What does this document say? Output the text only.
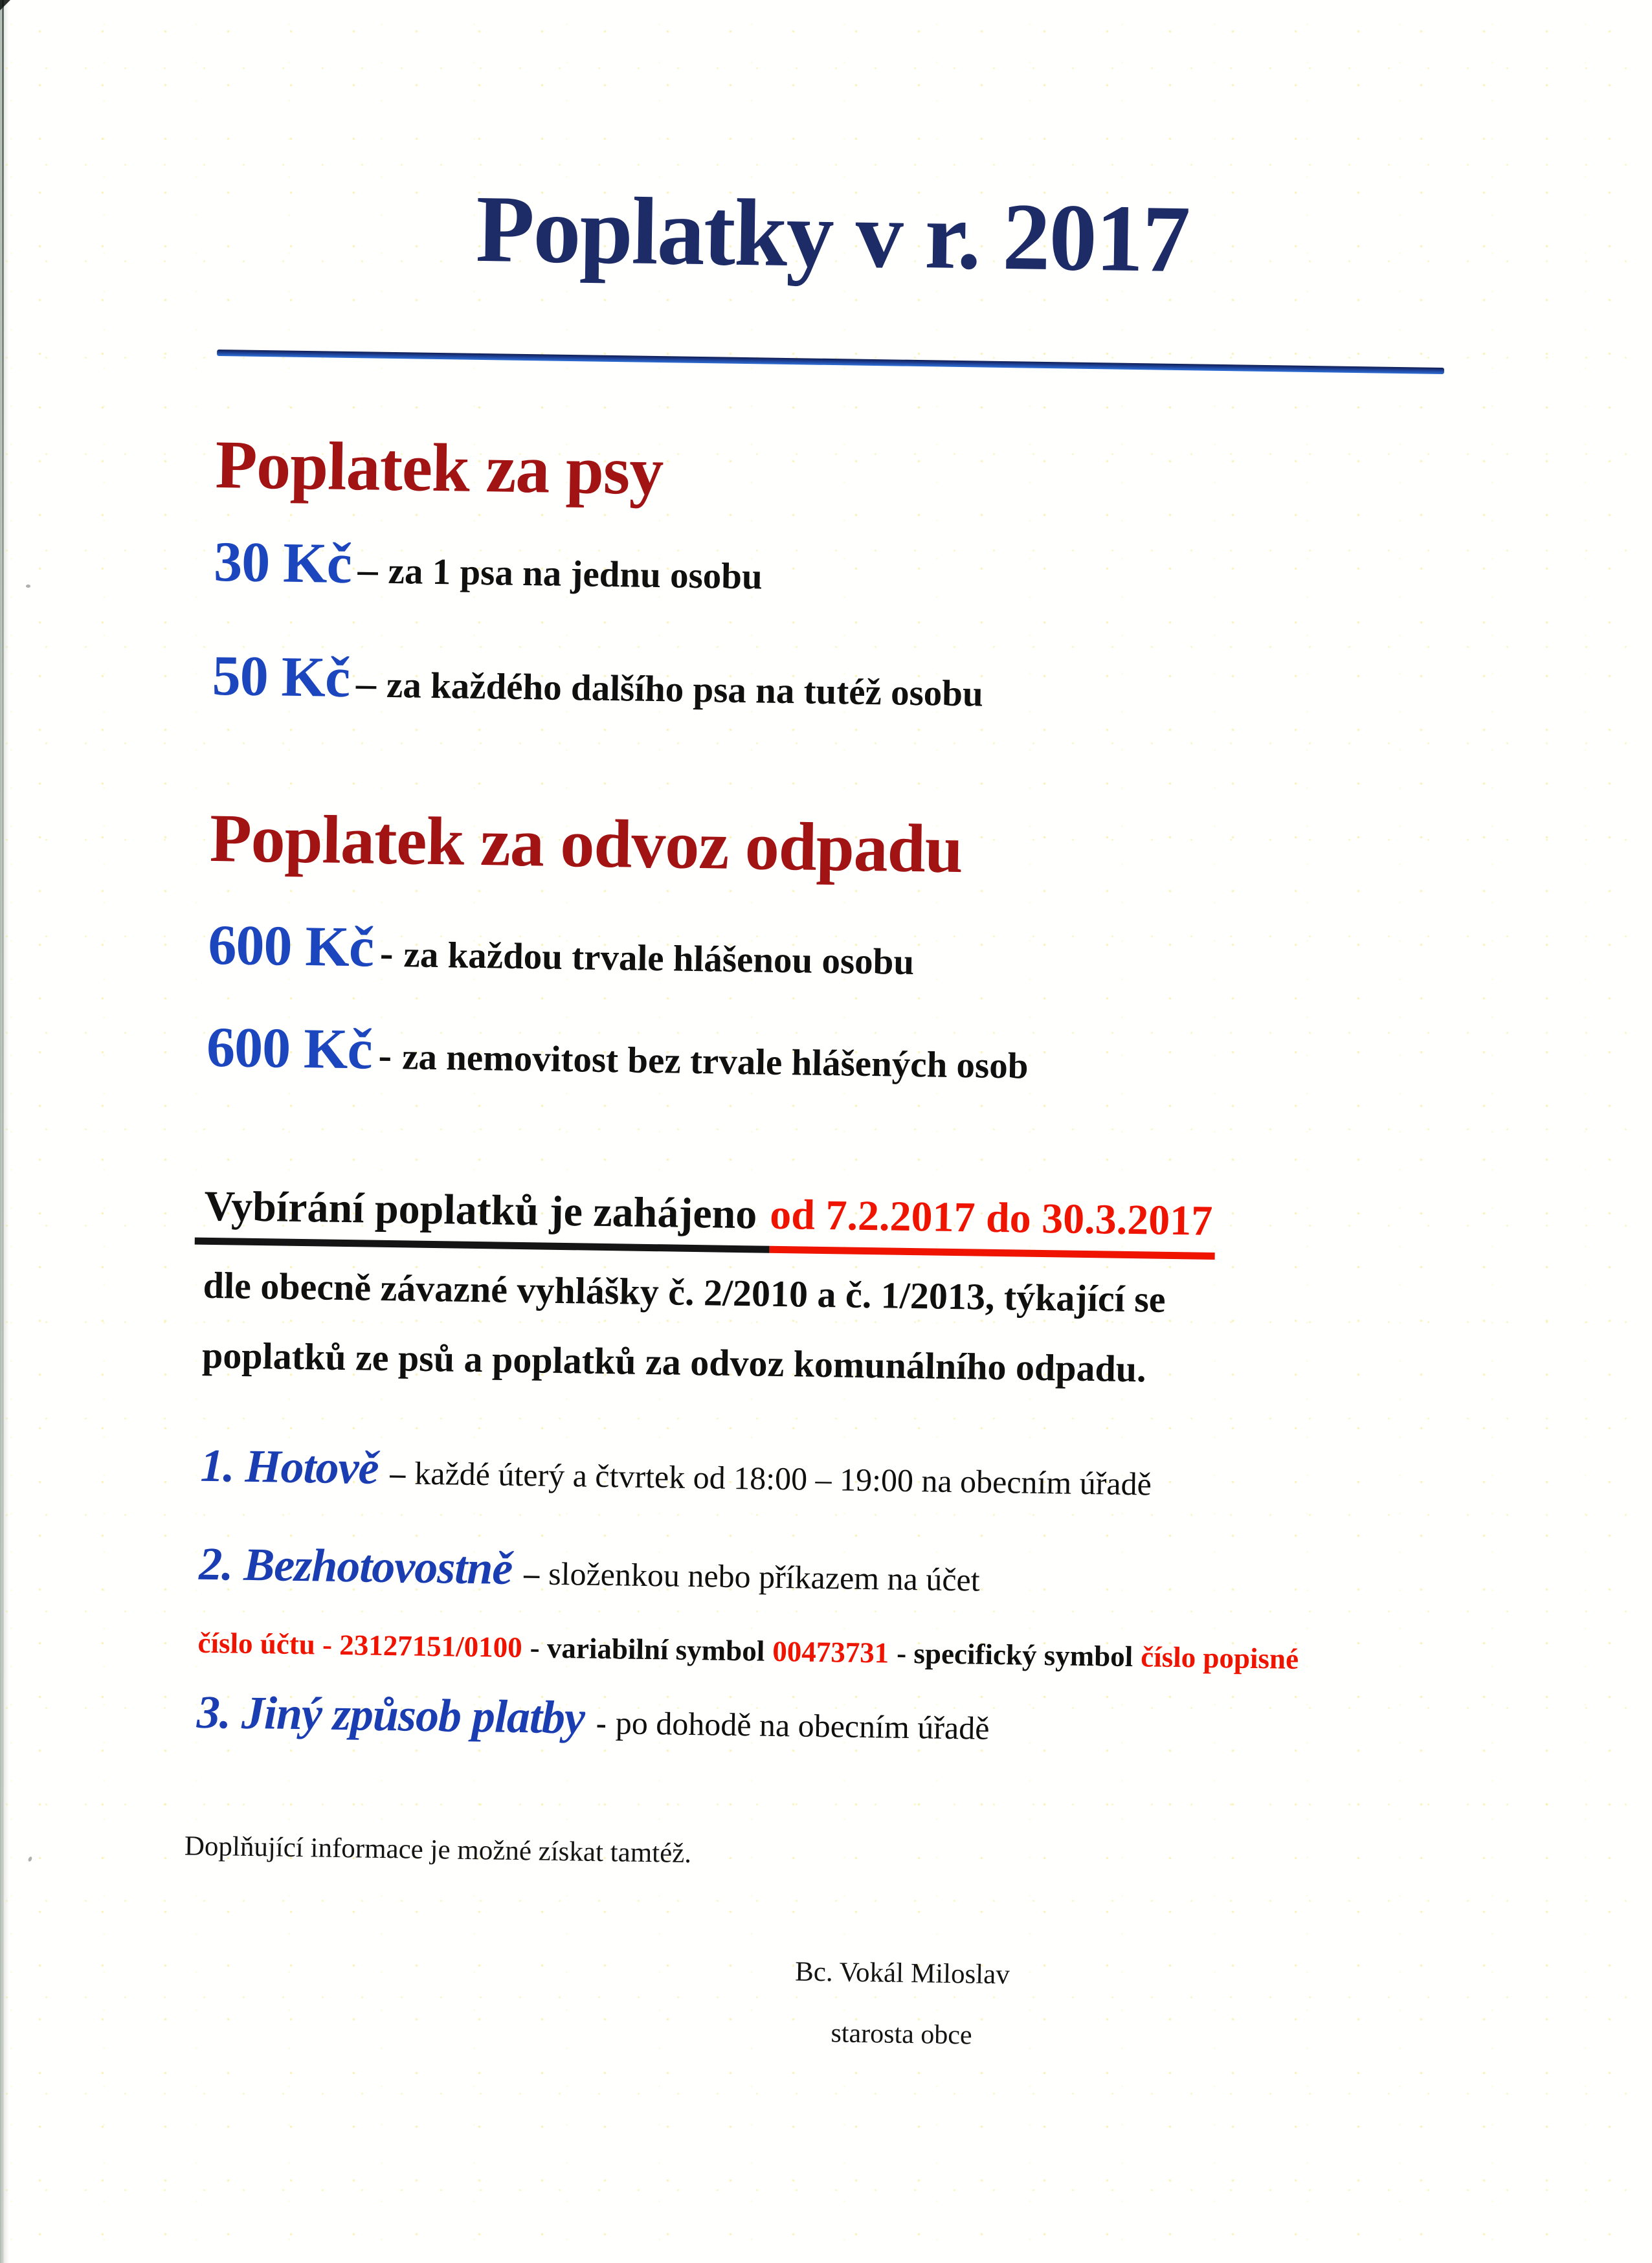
Poplatky v r. 2017
Poplatek za psy

30 Kč – za 1 psa na jednu osobu

50 Kč – za každého dalšího psa na tutéž osobu

Poplatek za odvoz odpadu

600 Kč - za každou trvale hlášenou osobu

600 Kč - za nemovitost bez trvale hlášených osob

Vybírání poplatků je zahájeno od 7.2.2017 do 30.3.2017

dle obecně závazné vyhlášky č. 2/2010 a č. 1/2013, týkající se

poplatků ze psů a poplatků za odvoz komunálního odpadu.

1. Hotově – každé úterý a čtvrtek od 18:00 – 19:00 na obecním úřadě

2. Bezhotovostně – složenkou nebo příkazem na účet

číslo účtu - 23127151/0100 - variabilní symbol 00473731 - specifický symbol číslo popisné

3. Jiný způsob platby - po dohodě na obecním úřadě

Doplňující informace je možné získat tamtéž.

Bc. Vokál Miloslav
starosta obce
